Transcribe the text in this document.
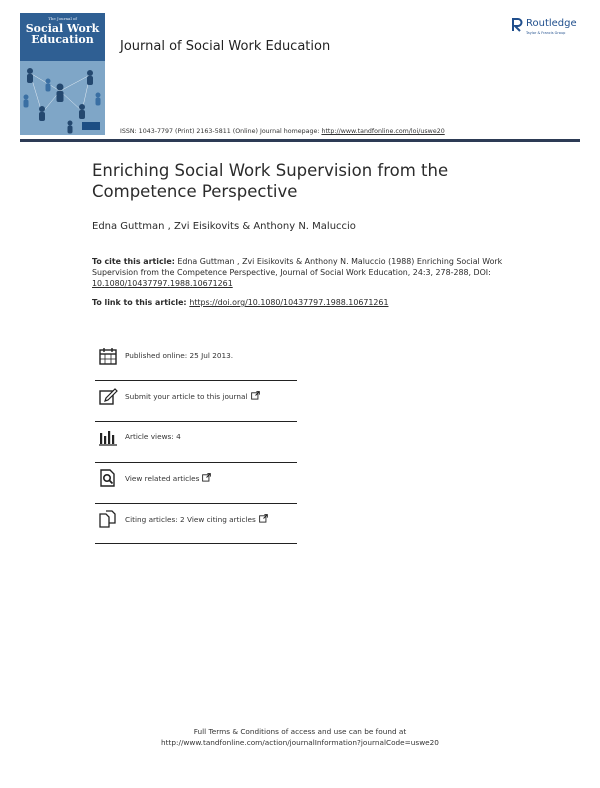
The Journal of
Social Work
Education	Journal of Social Work Education
Routledge
Taylor & Francis Group
ISSN: 1043-7797 (Print) 2163-5811 (Online) Journal homepage: http://www.tandfonline.com/loi/uswe20
Enriching Social Work Supervision from the Competence Perspective
Edna Guttman , Zvi Eisikovits & Anthony N. Maluccio
To cite this article: Edna Guttman , Zvi Eisikovits & Anthony N. Maluccio (1988) Enriching Social Work Supervision from the Competence Perspective, Journal of Social Work Education, 24:3, 278-288, DOI: 10.1080/10437797.1988.10671261
To link to this article: https://doi.org/10.1080/10437797.1988.10671261
Published online: 25 Jul 2013.
Submit your article to this journal
Article views: 4
View related articles
Citing articles: 2 View citing articles
Full Terms & Conditions of access and use can be found at
http://www.tandfonline.com/action/journalInformation?journalCode=uswe20
